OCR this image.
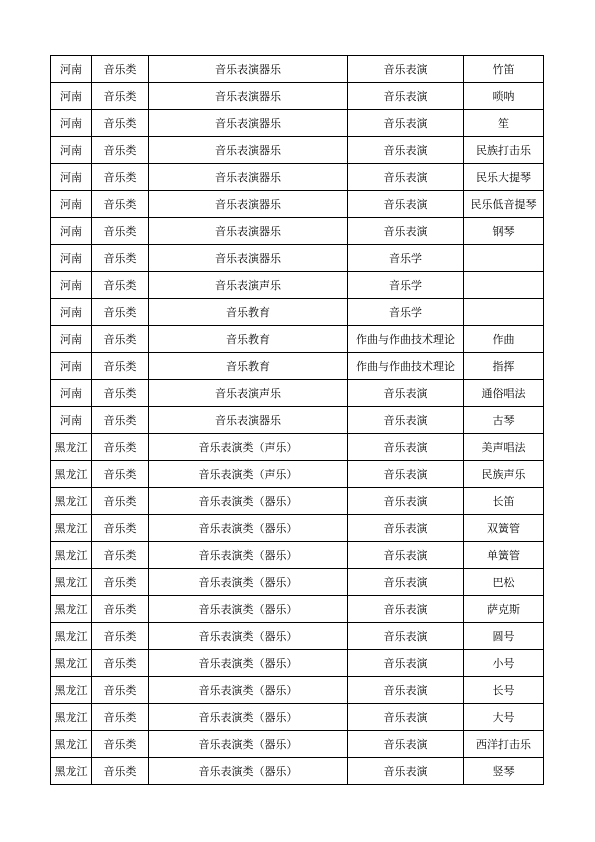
河南	音乐类	音乐表演器乐	音乐表演	竹笛
河南	音乐类	音乐表演器乐	音乐表演	唢呐
河南	音乐类	音乐表演器乐	音乐表演	笙
河南	音乐类	音乐表演器乐	音乐表演	民族打击乐
河南	音乐类	音乐表演器乐	音乐表演	民乐大提琴
河南	音乐类	音乐表演器乐	音乐表演	民乐低音提琴
河南	音乐类	音乐表演器乐	音乐表演	钢琴
河南	音乐类	音乐表演器乐	音乐学	
河南	音乐类	音乐表演声乐	音乐学	
河南	音乐类	音乐教育	音乐学	
河南	音乐类	音乐教育	作曲与作曲技术理论	作曲
河南	音乐类	音乐教育	作曲与作曲技术理论	指挥
河南	音乐类	音乐表演声乐	音乐表演	通俗唱法
河南	音乐类	音乐表演器乐	音乐表演	古琴
黑龙江	音乐类	音乐表演类（声乐）	音乐表演	美声唱法
黑龙江	音乐类	音乐表演类（声乐）	音乐表演	民族声乐
黑龙江	音乐类	音乐表演类（器乐）	音乐表演	长笛
黑龙江	音乐类	音乐表演类（器乐）	音乐表演	双簧管
黑龙江	音乐类	音乐表演类（器乐）	音乐表演	单簧管
黑龙江	音乐类	音乐表演类（器乐）	音乐表演	巴松
黑龙江	音乐类	音乐表演类（器乐）	音乐表演	萨克斯
黑龙江	音乐类	音乐表演类（器乐）	音乐表演	圆号
黑龙江	音乐类	音乐表演类（器乐）	音乐表演	小号
黑龙江	音乐类	音乐表演类（器乐）	音乐表演	长号
黑龙江	音乐类	音乐表演类（器乐）	音乐表演	大号
黑龙江	音乐类	音乐表演类（器乐）	音乐表演	西洋打击乐
黑龙江	音乐类	音乐表演类（器乐）	音乐表演	竖琴
